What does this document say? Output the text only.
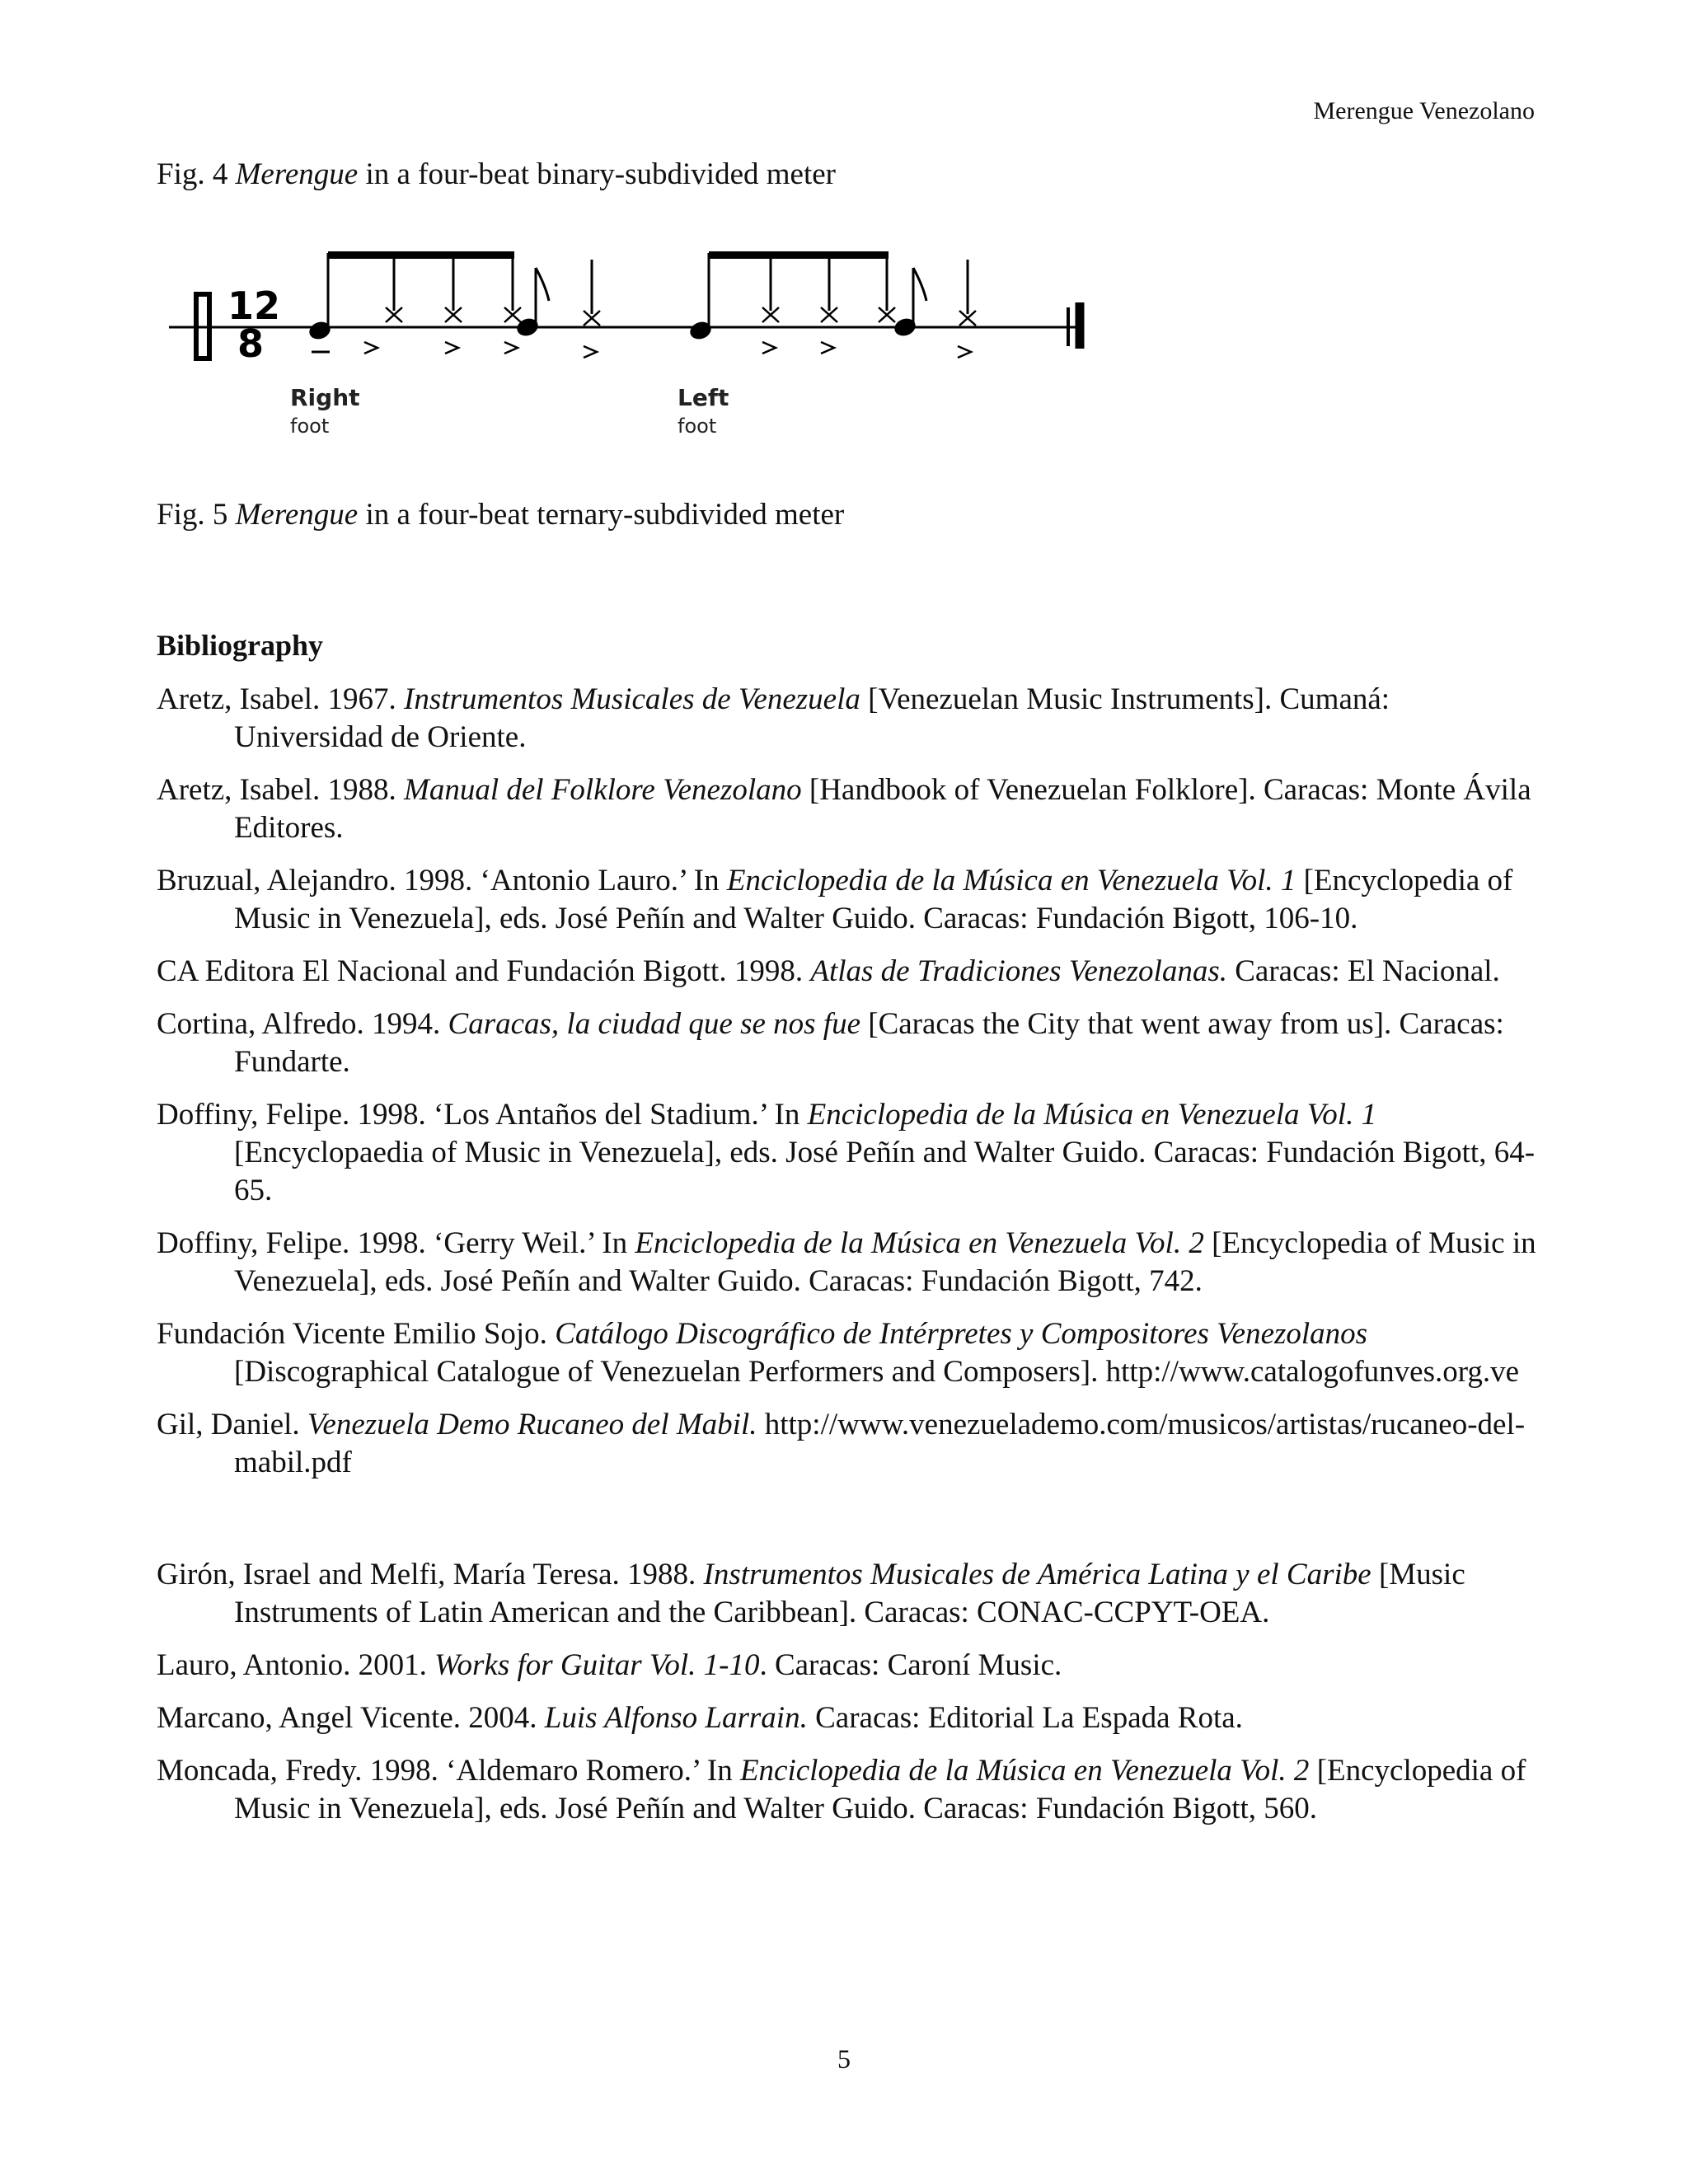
Merengue Venezolano
Fig. 4 Merengue in a four-beat binary-subdivided meter
12
8
Right
foot
Left
foot
Fig. 5 Merengue in a four-beat ternary-subdivided meter
Bibliography
Aretz, Isabel. 1967. Instrumentos Musicales de Venezuela [Venezuelan Music Instruments]. Cumaná: Universidad de Oriente.
Aretz, Isabel. 1988. Manual del Folklore Venezolano [Handbook of Venezuelan Folklore]. Caracas: Monte Ávila Editores.
Bruzual, Alejandro. 1998. ‘Antonio Lauro.’ In Enciclopedia de la Música en Venezuela Vol. 1 [Encyclopedia of Music in Venezuela], eds. José Peñín and Walter Guido. Caracas: Fundación Bigott, 106-10.
CA Editora El Nacional and Fundación Bigott. 1998. Atlas de Tradiciones Venezolanas. Caracas: El Nacional.
Cortina, Alfredo. 1994. Caracas, la ciudad que se nos fue [Caracas the City that went away from us]. Caracas: Fundarte.
Doffiny, Felipe. 1998. ‘Los Antaños del Stadium.’ In Enciclopedia de la Música en Venezuela Vol. 1 [Encyclopaedia of Music in Venezuela], eds. José Peñín and Walter Guido. Caracas: Fundación Bigott, 64-65.
Doffiny, Felipe. 1998. ‘Gerry Weil.’ In Enciclopedia de la Música en Venezuela Vol. 2 [Encyclopedia of Music in Venezuela], eds. José Peñín and Walter Guido. Caracas: Fundación Bigott, 742.
Fundación Vicente Emilio Sojo. Catálogo Discográfico de Intérpretes y Compositores Venezolanos [Discographical Catalogue of Venezuelan Performers and Composers]. http://www.catalogofunves.org.ve
Gil, Daniel. Venezuela Demo Rucaneo del Mabil. http://www.venezuelademo.com/musicos/artistas/rucaneo-del-mabil.pdf
Girón, Israel and Melfi, María Teresa. 1988. Instrumentos Musicales de América Latina y el Caribe [Music Instruments of Latin American and the Caribbean]. Caracas: CONAC-CCPYT-OEA.
Lauro, Antonio. 2001. Works for Guitar Vol. 1-10. Caracas: Caroní Music.
Marcano, Angel Vicente. 2004. Luis Alfonso Larrain. Caracas: Editorial La Espada Rota.
Moncada, Fredy. 1998. ‘Aldemaro Romero.’ In Enciclopedia de la Música en Venezuela Vol. 2 [Encyclopedia of Music in Venezuela], eds. José Peñín and Walter Guido. Caracas: Fundación Bigott, 560.
5
